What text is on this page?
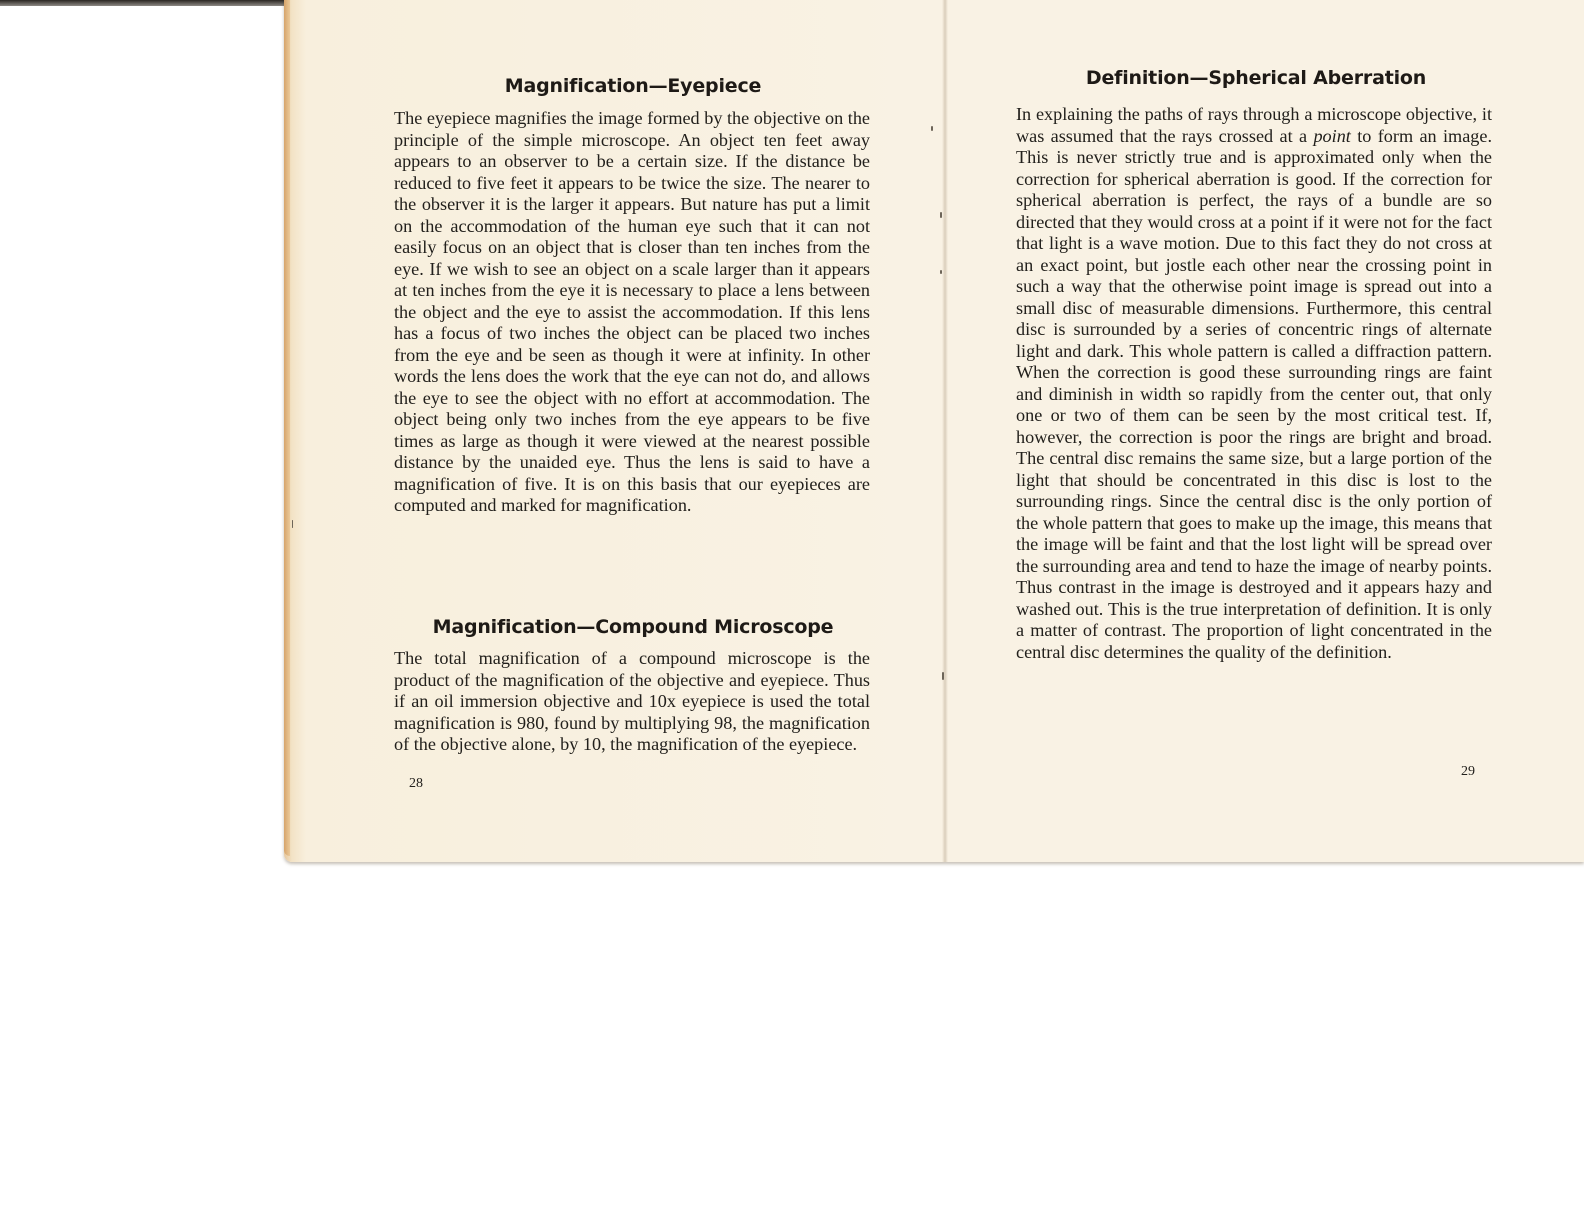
Magnification—Eyepiece

The eyepiece magnifies the image formed by the objective on the principle of the simple microscope. An object ten feet away appears to an observer to be a certain size. If the distance be reduced to five feet it appears to be twice the size. The nearer to the observer it is the larger it appears. But nature has put a limit on the accommodation of the human eye such that it can not easily focus on an object that is closer than ten inches from the eye. If we wish to see an object on a scale larger than it appears at ten inches from the eye it is necessary to place a lens between the object and the eye to assist the accommodation. If this lens has a focus of two inches the object can be placed two inches from the eye and be seen as though it were at infinity. In other words the lens does the work that the eye can not do, and allows the eye to see the object with no effort at accommodation. The object being only two inches from the eye appears to be five times as large as though it were viewed at the nearest possible distance by the unaided eye. Thus the lens is said to have a magnification of five. It is on this basis that our eyepieces are computed and marked for magnification.

Magnification—Compound Microscope

The total magnification of a compound microscope is the product of the magnification of the objective and eyepiece. Thus if an oil immersion objective and 10x eyepiece is used the total magnification is 980, found by multiplying 98, the magnification of the objective alone, by 10, the magnification of the eyepiece.

28
Definition—Spherical Aberration

In explaining the paths of rays through a microscope objective, it was assumed that the rays crossed at a point to form an image. This is never strictly true and is approximated only when the correction for spherical aberration is good. If the correction for spherical aberration is perfect, the rays of a bundle are so directed that they would cross at a point if it were not for the fact that light is a wave motion. Due to this fact they do not cross at an exact point, but jostle each other near the crossing point in such a way that the otherwise point image is spread out into a small disc of measurable dimensions. Furthermore, this central disc is surrounded by a series of concentric rings of alternate light and dark. This whole pattern is called a diffraction pattern. When the correction is good these surrounding rings are faint and diminish in width so rapidly from the center out, that only one or two of them can be seen by the most critical test. If, however, the correction is poor the rings are bright and broad. The central disc remains the same size, but a large portion of the light that should be concentrated in this disc is lost to the surrounding rings. Since the central disc is the only portion of the whole pattern that goes to make up the image, this means that the image will be faint and that the lost light will be spread over the surrounding area and tend to haze the image of nearby points. Thus contrast in the image is destroyed and it appears hazy and washed out. This is the true interpretation of definition. It is only a matter of contrast. The proportion of light concentrated in the central disc determines the quality of the definition.

29
